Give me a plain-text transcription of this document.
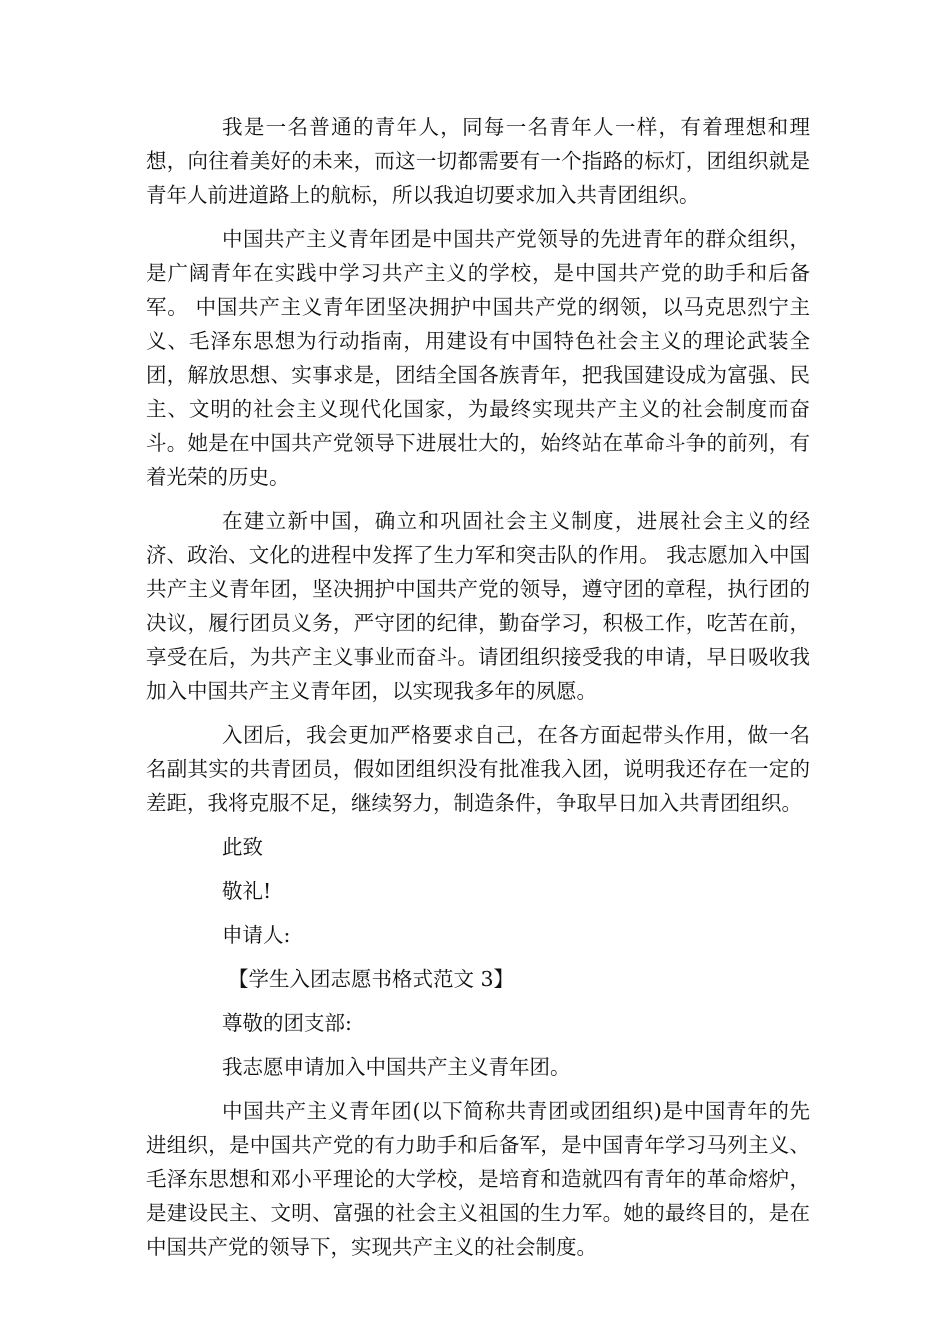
我是一名普通的青年人，同每一名青年人一样，有着理想和理想，向往着美好的未来，而这一切都需要有一个指路的标灯，团组织就是青年人前进道路上的航标，所以我迫切要求加入共青团组织。

中国共产主义青年团是中国共产党领导的先进青年的群众组织，是广阔青年在实践中学习共产主义的学校，是中国共产党的助手和后备军。 中国共产主义青年团坚决拥护中国共产党的纲领，以马克思烈宁主义、毛泽东思想为行动指南，用建设有中国特色社会主义的理论武装全团，解放思想、实事求是，团结全国各族青年，把我国建设成为富强、民主、文明的社会主义现代化国家，为最终实现共产主义的社会制度而奋斗。她是在中国共产党领导下进展壮大的，始终站在革命斗争的前列，有着光荣的历史。

在建立新中国，确立和巩固社会主义制度，进展社会主义的经济、政治、文化的进程中发挥了生力军和突击队的作用。 我志愿加入中国共产主义青年团，坚决拥护中国共产党的领导，遵守团的章程，执行团的决议，履行团员义务，严守团的纪律，勤奋学习，积极工作，吃苦在前，享受在后，为共产主义事业而奋斗。请团组织接受我的申请，早日吸收我加入中国共产主义青年团，以实现我多年的夙愿。

入团后，我会更加严格要求自己，在各方面起带头作用，做一名名副其实的共青团员，假如团组织没有批准我入团，说明我还存在一定的差距，我将克服不足，继续努力，制造条件，争取早日加入共青团组织。

此致

敬礼!

申请人:

【学生入团志愿书格式范文 3】

尊敬的团支部:

我志愿申请加入中国共产主义青年团。

中国共产主义青年团(以下简称共青团或团组织)是中国青年的先进组织，是中国共产党的有力助手和后备军，是中国青年学习马列主义、毛泽东思想和邓小平理论的大学校，是培育和造就四有青年的革命熔炉，是建设民主、文明、富强的社会主义祖国的生力军。她的最终目的，是在中国共产党的领导下，实现共产主义的社会制度。
